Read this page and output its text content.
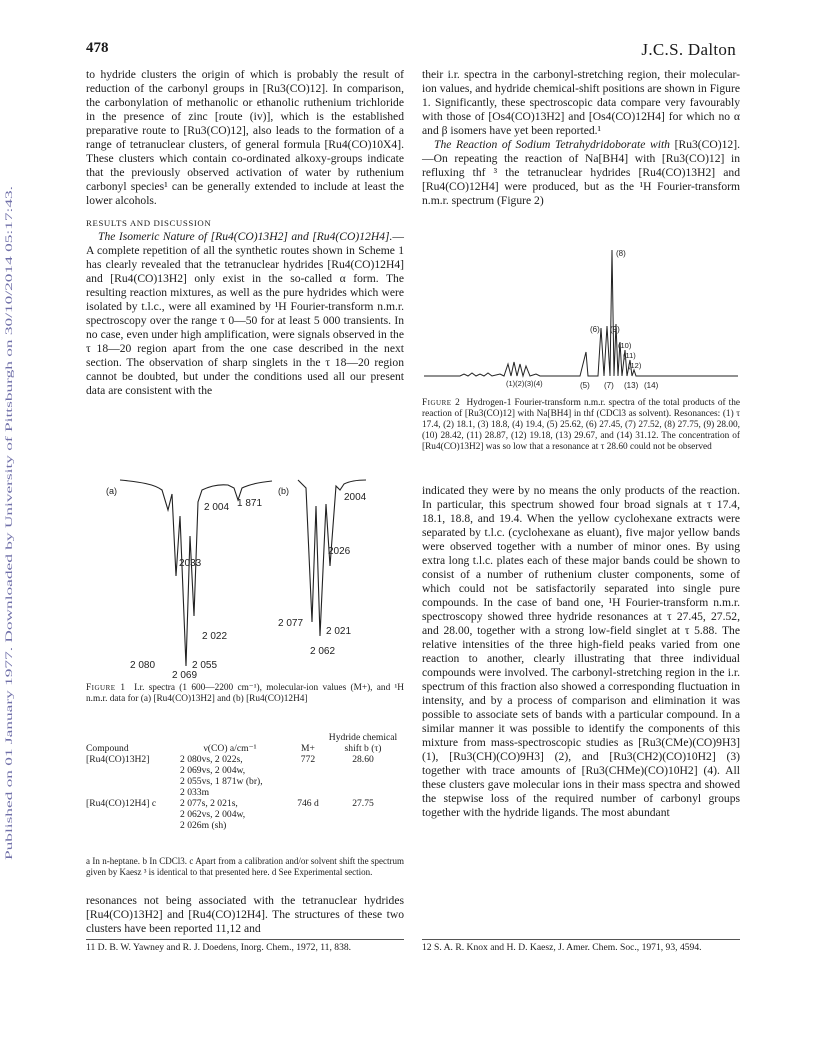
478	J.C.S. Dalton
Published on 01 January 1977. Downloaded by University of Pittsburgh on 30/10/2014 05:17:43.

to hydride clusters the origin of which is probably the result of reduction of the carbonyl groups in [Ru3(CO)12]. In comparison, the carbonylation of methanolic or ethanolic ruthenium trichloride in the presence of zinc [route (iv)], which is the established preparative route to [Ru3(CO)12], also leads to the formation of a range of tetranuclear clusters, of general formula [Ru4(CO)10X4]. These clusters which contain co-ordinated alkoxy-groups indicate that the previously observed activation of water by ruthenium carbonyl species¹ can be generally extended to include at least the lower alcohols.

RESULTS AND DISCUSSION

The Isomeric Nature of [Ru4(CO)13H2] and [Ru4(CO)12H4].—A complete repetition of all the synthetic routes shown in Scheme 1 has clearly revealed that the tetranuclear hydrides [Ru4(CO)12H4] and [Ru4(CO)13H2] only exist in the so-called α form. The resulting reaction mixtures, as well as the pure hydrides which were isolated by t.l.c., were all examined by ¹H Fourier-transform n.m.r. spectroscopy over the range τ 0—50 for at least 5 000 transients. In no case, even under high amplification, were signals observed in the τ 18—20 region apart from the one case described in the next section. The observation of sharp singlets in the τ 18—20 region cannot be doubted, but under the conditions used all our present data are consistent with the

(a)	(b)
2 004 1 871
2033
2 022
2 080	2 055
2 069
2004
2026
2 077
2 021
2 062
Figure 1 I.r. spectra (1 600—2200 cm⁻¹), molecular-ion values (M+), and ¹H n.m.r. data for (a) [Ru4(CO)13H2] and (b) [Ru4(CO)12H4]
Compound	ν(CO) a/cm⁻¹	M+	Hydride chemical shift b (τ)
[Ru4(CO)13H2]	2 080vs, 2 022s,
2 069vs, 2 004w,
2 055vs, 1 871w (br),
2 033m	772	28.60
[Ru4(CO)12H4] c	2 077s, 2 021s,
2 062vs, 2 004w,
2 026m (sh)	746 d	27.75
a In n-heptane. b In CDCl3. c Apart from a calibration and/or solvent shift the spectrum given by Kaesz ³ is identical to that presented here. d See Experimental section.

resonances not being associated with the tetranuclear hydrides [Ru4(CO)13H2] and [Ru4(CO)12H4]. The structures of these two clusters have been reported 11,12 and

11 D. B. W. Yawney and R. J. Doedens, Inorg. Chem., 1972, 11, 838.

their i.r. spectra in the carbonyl-stretching region, their molecular-ion values, and hydride chemical-shift positions are shown in Figure 1. Significantly, these spectroscopic data compare very favourably with those of [Os4(CO)13H2] and [Os4(CO)12H4] for which no α and β isomers have yet been reported.¹

The Reaction of Sodium Tetrahydridoborate with [Ru3(CO)12].—On repeating the reaction of Na[BH4] with [Ru3(CO)12] in refluxing thf ³ the tetranuclear hydrides [Ru4(CO)13H2] and [Ru4(CO)12H4] were produced, but as the ¹H Fourier-transform n.m.r. spectrum (Figure 2)

(8)
(6) (9)
(10)
(11)
(12)
(1)(2)(3)(4)	(5) (7) (13) (14)
Figure 2 Hydrogen-1 Fourier-transform n.m.r. spectra of the total products of the reaction of [Ru3(CO)12] with Na[BH4] in thf (CDCl3 as solvent). Resonances: (1) τ 17.4, (2) 18.1, (3) 18.8, (4) 19.4, (5) 25.62, (6) 27.45, (7) 27.52, (8) 27.75, (9) 28.00, (10) 28.42, (11) 28.87, (12) 19.18, (13) 29.67, and (14) 31.12. The concentration of [Ru4(CO)13H2] was so low that a resonance at τ 28.60 could not be observed

indicated they were by no means the only products of the reaction. In particular, this spectrum showed four broad signals at τ 17.4, 18.1, 18.8, and 19.4. When the yellow cyclohexane extracts were separated by t.l.c. (cyclohexane as eluant), five major yellow bands were observed together with a number of minor ones. By using extra long t.l.c. plates each of these major bands could be shown to consist of a number of ruthenium cluster components, some of which could not be satisfactorily separated into single pure compounds. In the case of band one, ¹H Fourier-transform n.m.r. spectroscopy showed three hydride resonances at τ 27.45, 27.52, and 28.00, together with a strong low-field singlet at τ 5.88. The relative intensities of the three high-field peaks varied from one reaction to another, clearly illustrating that three individual compounds were involved. The carbonyl-stretching region in the i.r. spectrum of this fraction also showed a corresponding fluctuation in intensity, and by a process of comparison and elimination it was possible to associate sets of bands with a particular compound. In a similar manner it was possible to identify the components of this mixture from mass-spectroscopic studies as [Ru3(CMe)(CO)9H3] (1), [Ru3(CH)(CO)9H3] (2), and [Ru3(CH2)(CO)10H2] (3) together with trace amounts of [Ru3(CHMe)(CO)10H2] (4). All these clusters gave molecular ions in their mass spectra and showed the stepwise loss of the required number of carbonyl groups together with the hydride ligands. The most abundant

12 S. A. R. Knox and H. D. Kaesz, J. Amer. Chem. Soc., 1971, 93, 4594.
